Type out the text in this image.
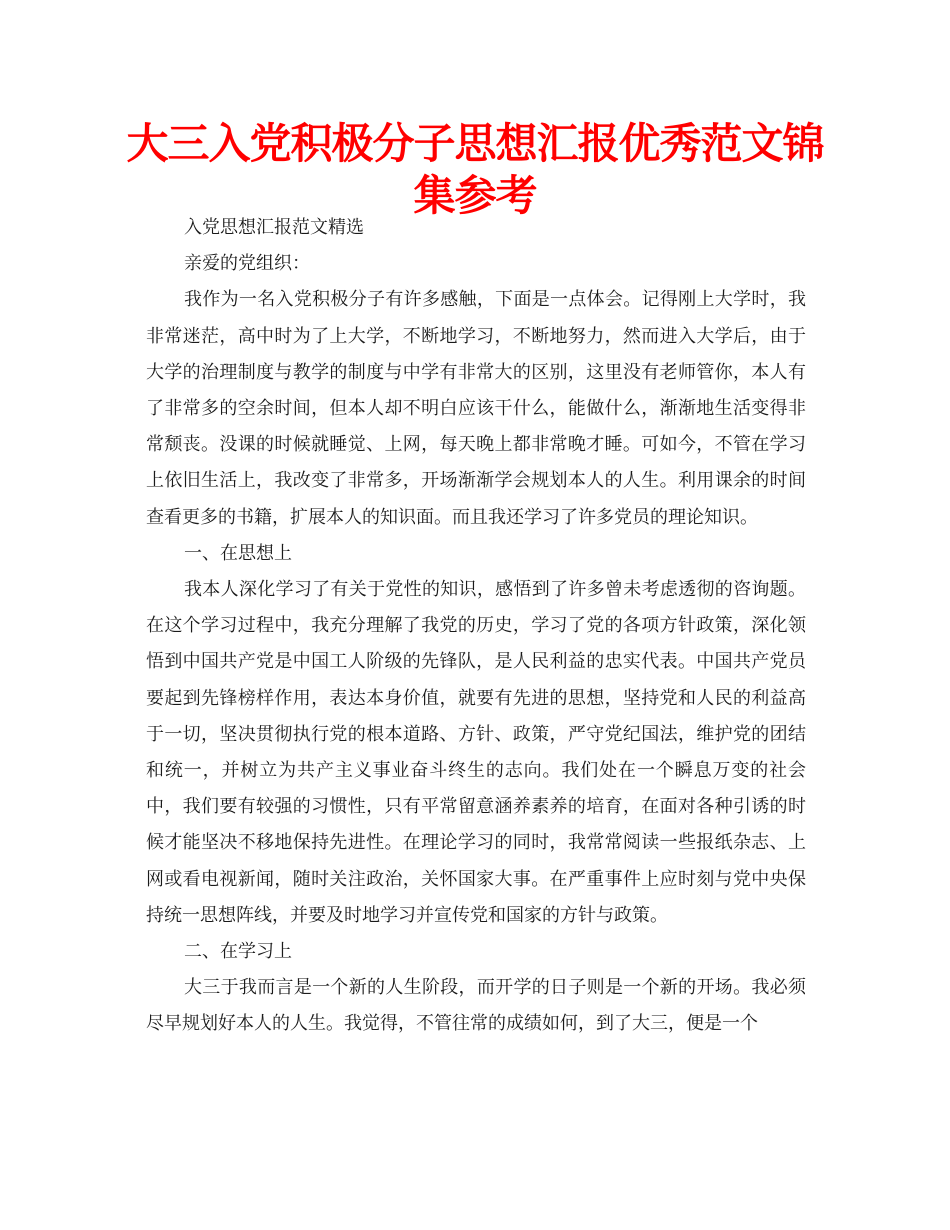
大三入党积极分子思想汇报优秀范文锦集参考

入党思想汇报范文精选

亲爱的党组织：

我作为一名入党积极分子有许多感触，下面是一点体会。记得刚上大学时，我非常迷茫，高中时为了上大学，不断地学习，不断地努力，然而进入大学后，由于大学的治理制度与教学的制度与中学有非常大的区别，这里没有老师管你，本人有了非常多的空余时间，但本人却不明白应该干什么，能做什么，渐渐地生活变得非常颓丧。没课的时候就睡觉、上网，每天晚上都非常晚才睡。可如今，不管在学习上依旧生活上，我改变了非常多，开场渐渐学会规划本人的人生。利用课余的时间查看更多的书籍，扩展本人的知识面。而且我还学习了许多党员的理论知识。

一、在思想上

我本人深化学习了有关于党性的知识，感悟到了许多曾未考虑透彻的咨询题。在这个学习过程中，我充分理解了我党的历史，学习了党的各项方针政策，深化领悟到中国共产党是中国工人阶级的先锋队，是人民利益的忠实代表。中国共产党员要起到先锋榜样作用，表达本身价值，就要有先进的思想，坚持党和人民的利益高于一切，坚决贯彻执行党的根本道路、方针、政策，严守党纪国法，维护党的团结和统一，并树立为共产主义事业奋斗终生的志向。我们处在一个瞬息万变的社会中，我们要有较强的习惯性，只有平常留意涵养素养的培育，在面对各种引诱的时候才能坚决不移地保持先进性。在理论学习的同时，我常常阅读一些报纸杂志、上网或看电视新闻，随时关注政治，关怀国家大事。在严重事件上应时刻与党中央保持统一思想阵线，并要及时地学习并宣传党和国家的方针与政策。

二、在学习上

大三于我而言是一个新的人生阶段，而开学的日子则是一个新的开场。我必须尽早规划好本人的人生。我觉得，不管往常的成绩如何，到了大三，便是一个
